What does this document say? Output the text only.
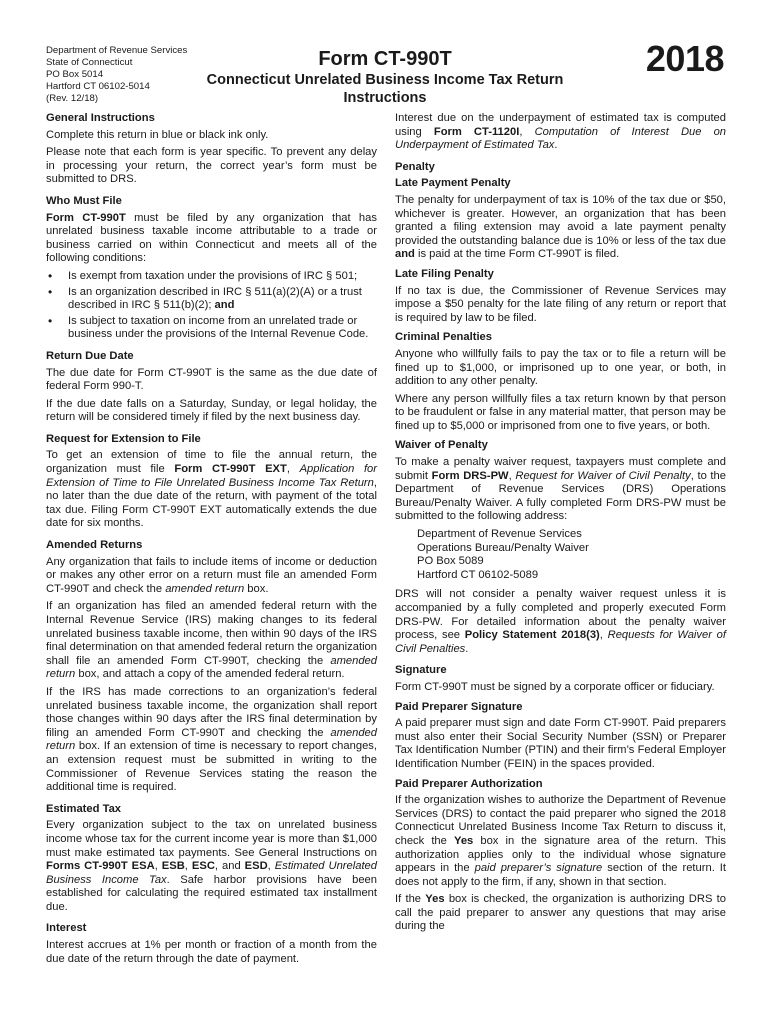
Department of Revenue Services
State of Connecticut
PO Box 5014
Hartford CT 06102-5014
(Rev. 12/18)
Form CT-990T
Connecticut Unrelated Business Income Tax Return
Instructions
2018
General Instructions

Complete this return in blue or black ink only.

Please note that each form is year specific. To prevent any delay in processing your return, the correct year’s form must be submitted to DRS.

Who Must File

Form CT-990T must be filed by any organization that has unrelated business taxable income attributable to a trade or business carried on within Connecticut and meets all of the following conditions:

• Is exempt from taxation under the provisions of IRC § 501;
• Is an organization described in IRC § 511(a)(2)(A) or a trust described in IRC § 511(b)(2); and
• Is subject to taxation on income from an unrelated trade or business under the provisions of the Internal Revenue Code.
Return Due Date

The due date for Form CT-990T is the same as the due date of federal Form 990-T.

If the due date falls on a Saturday, Sunday, or legal holiday, the return will be considered timely if filed by the next business day.

Request for Extension to File

To get an extension of time to file the annual return, the organization must file Form CT-990T EXT, Application for Extension of Time to File Unrelated Business Income Tax Return, no later than the due date of the return, with payment of the total tax due. Filing Form CT-990T EXT automatically extends the due date for six months.

Amended Returns

Any organization that fails to include items of income or deduction or makes any other error on a return must file an amended Form CT-990T and check the amended return box.

If an organization has filed an amended federal return with the Internal Revenue Service (IRS) making changes to its federal unrelated business taxable income, then within 90 days of the IRS final determination on that amended federal return the organization shall file an amended Form CT-990T, checking the amended return box, and attach a copy of the amended federal return.

If the IRS has made corrections to an organization’s federal unrelated business taxable income, the organization shall report those changes within 90 days after the IRS final determination by filing an amended Form CT-990T and checking the amended return box. If an extension of time is necessary to report changes, an extension request must be submitted in writing to the Commissioner of Revenue Services stating the reason the additional time is required.

Estimated Tax

Every organization subject to the tax on unrelated business income whose tax for the current income year is more than $1,000 must make estimated tax payments. See General Instructions on Forms CT-990T ESA, ESB, ESC, and ESD, Estimated Unrelated Business Income Tax. Safe harbor provisions have been established for calculating the required estimated tax installment due.

Interest

Interest accrues at 1% per month or fraction of a month from the due date of the return through the date of payment.

Interest due on the underpayment of estimated tax is computed using Form CT-1120I, Computation of Interest Due on Underpayment of Estimated Tax.

Penalty
Late Payment Penalty

The penalty for underpayment of tax is 10% of the tax due or $50, whichever is greater. However, an organization that has been granted a filing extension may avoid a late payment penalty provided the outstanding balance due is 10% or less of the tax due and is paid at the time Form CT-990T is filed.

Late Filing Penalty

If no tax is due, the Commissioner of Revenue Services may impose a $50 penalty for the late filing of any return or report that is required by law to be filed.

Criminal Penalties

Anyone who willfully fails to pay the tax or to file a return will be fined up to $1,000, or imprisoned up to one year, or both, in addition to any other penalty.

Where any person willfully files a tax return known by that person to be fraudulent or false in any material matter, that person may be fined up to $5,000 or imprisoned from one to five years, or both.

Waiver of Penalty

To make a penalty waiver request, taxpayers must complete and submit Form DRS-PW, Request for Waiver of Civil Penalty, to the Department of Revenue Services (DRS) Operations Bureau/Penalty Waiver. A fully completed Form DRS-PW must be submitted to the following address:

Department of Revenue Services
Operations Bureau/Penalty Waiver
PO Box 5089
Hartford CT 06102-5089

DRS will not consider a penalty waiver request unless it is accompanied by a fully completed and properly executed Form DRS-PW. For detailed information about the penalty waiver process, see Policy Statement 2018(3), Requests for Waiver of Civil Penalties.

Signature

Form CT-990T must be signed by a corporate officer or fiduciary.

Paid Preparer Signature

A paid preparer must sign and date Form CT-990T. Paid preparers must also enter their Social Security Number (SSN) or Preparer Tax Identification Number (PTIN) and their firm’s Federal Employer Identification Number (FEIN) in the spaces provided.

Paid Preparer Authorization

If the organization wishes to authorize the Department of Revenue Services (DRS) to contact the paid preparer who signed the 2018 Connecticut Unrelated Business Income Tax Return to discuss it, check the Yes box in the signature area of the return. This authorization applies only to the individual whose signature appears in the paid preparer’s signature section of the return. It does not apply to the firm, if any, shown in that section.

If the Yes box is checked, the organization is authorizing DRS to call the paid preparer to answer any questions that may arise during the
